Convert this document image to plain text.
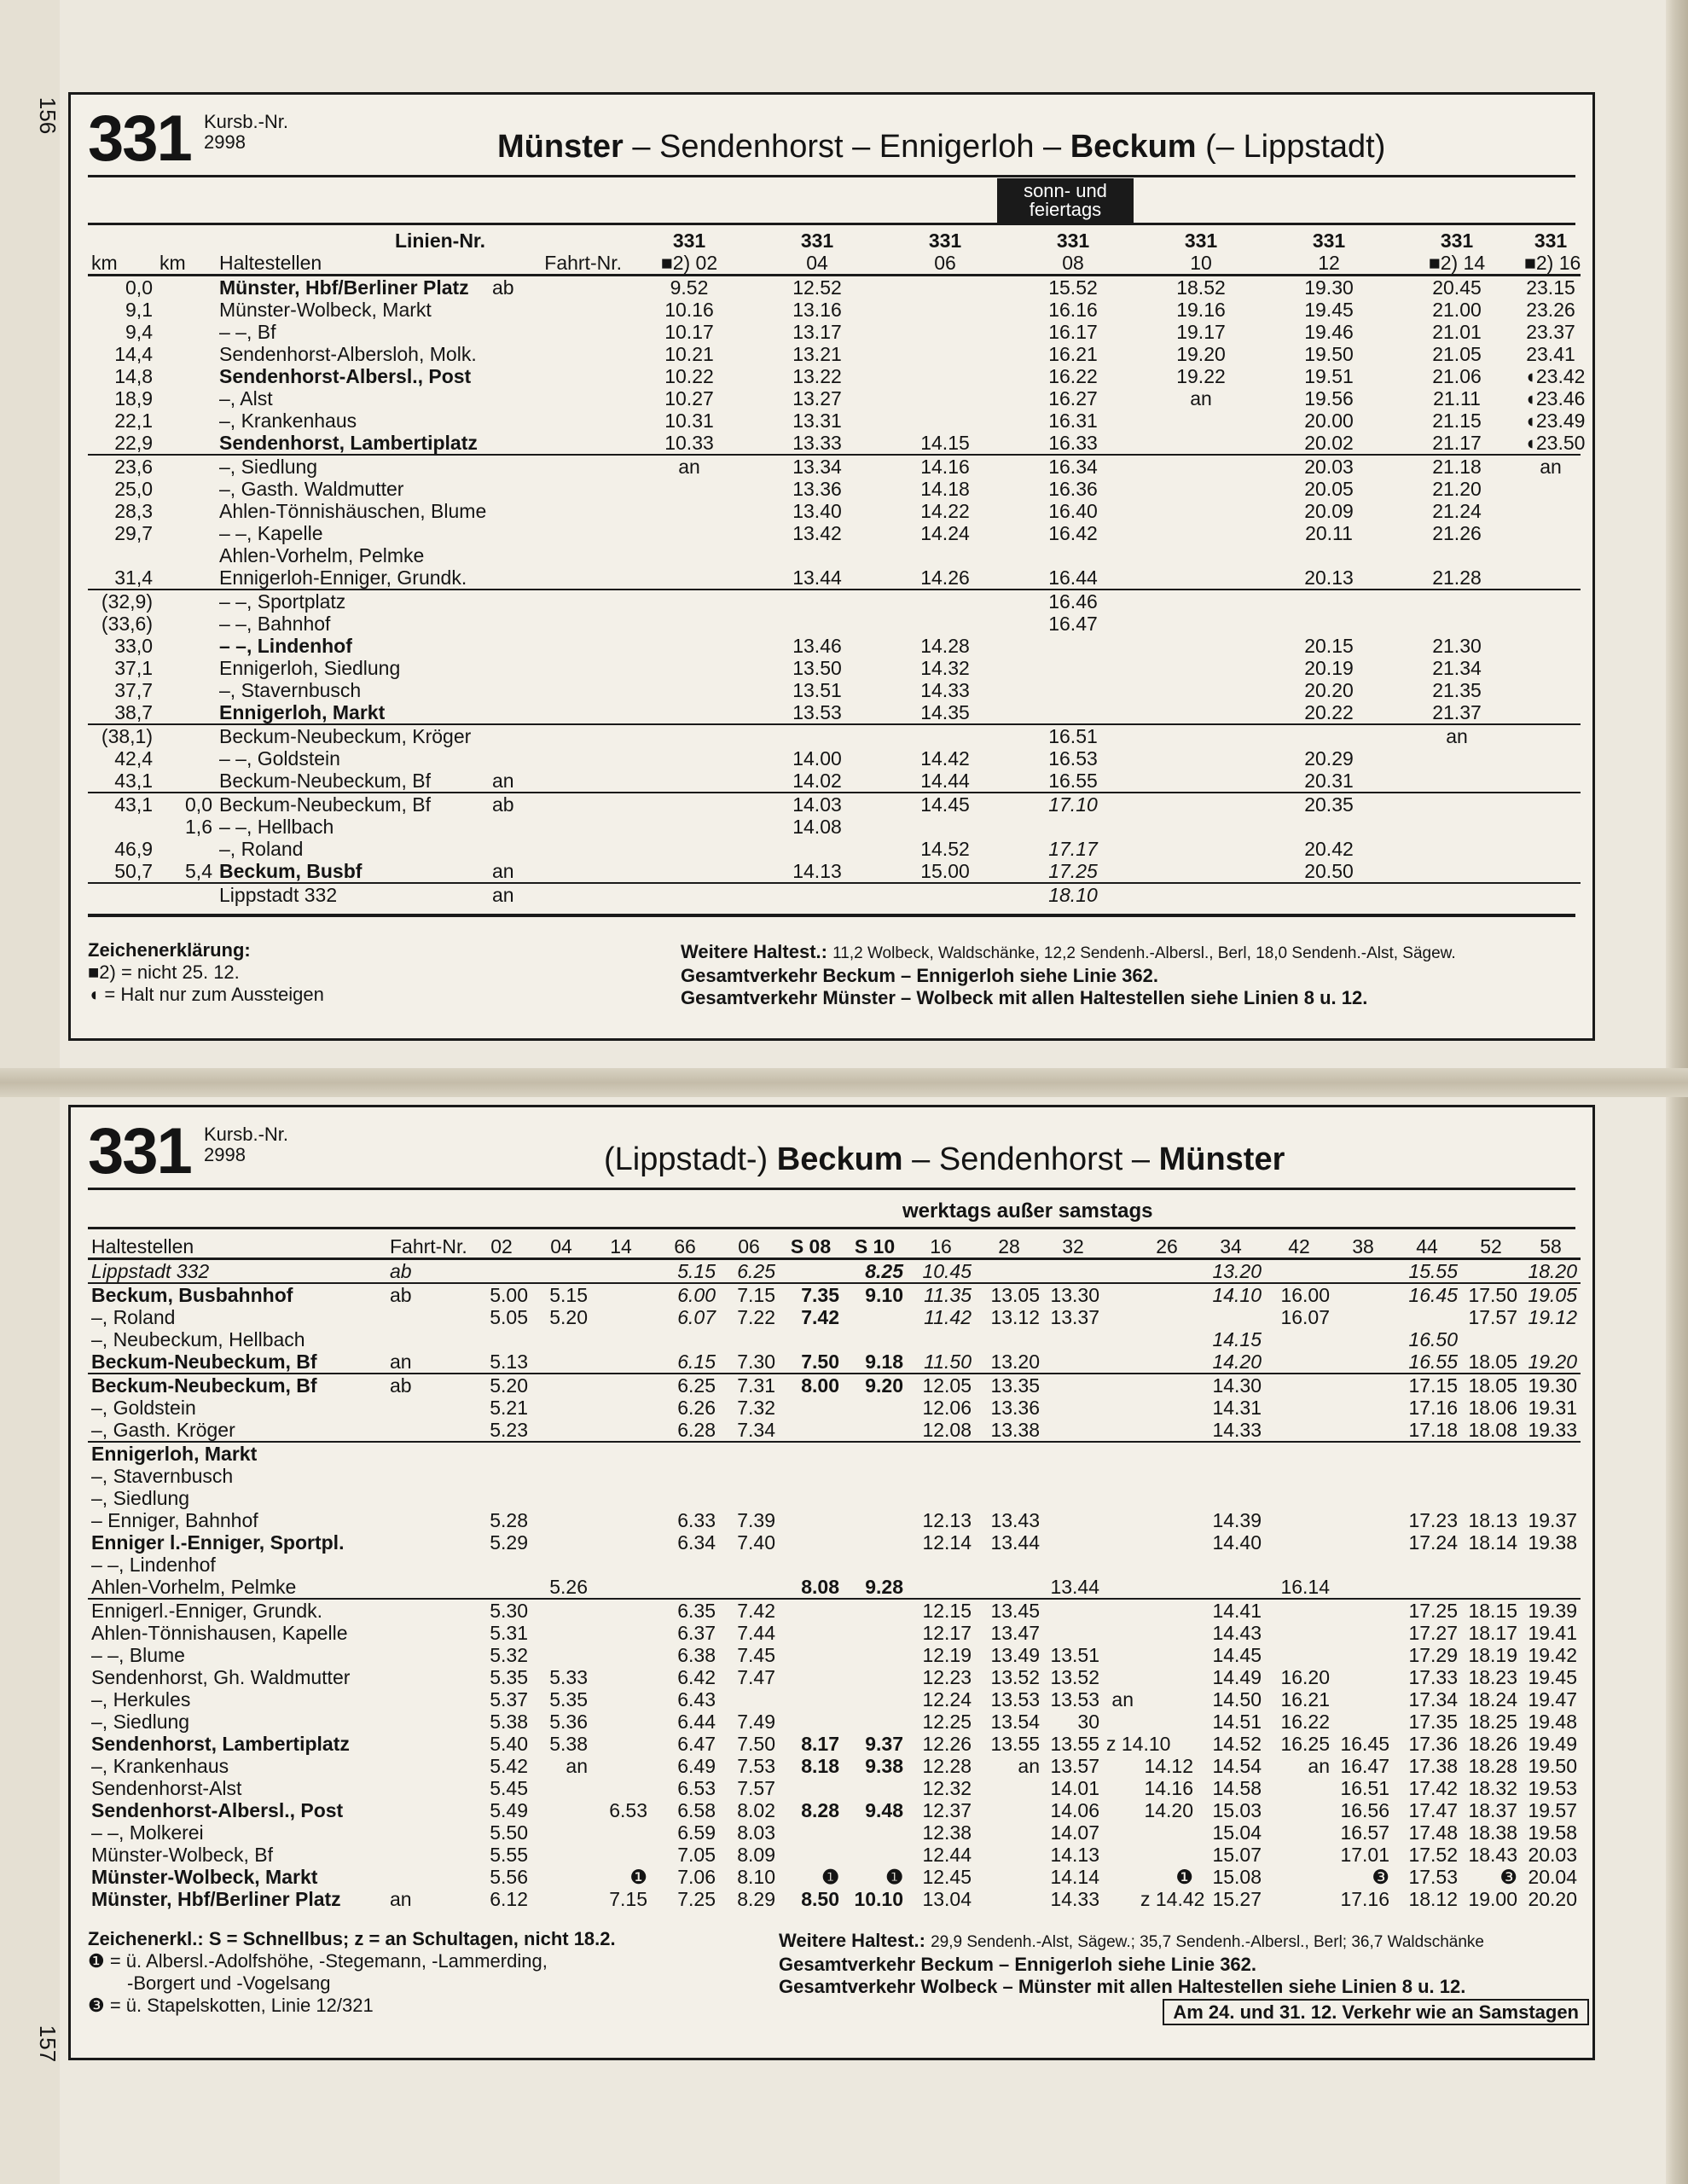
156
157
331 Kursb.-Nr.
2998	Münster – Sendenhorst – Ennigerloh – Beckum (– Lippstadt)
sonn- und feiertags
		Linien-Nr.		331	331	331	331	331	331	331	331
km	km	Haltestellen	Fahrt-Nr.	■2) 02	04	06	08	10	12	■2) 14	■2) 16
0,0		Münster, Hbf/Berliner Platz	ab	9.52	12.52		15.52	18.52	19.30	20.45	23.15
9,1		Münster-Wolbeck, Markt		10.16	13.16		16.16	19.16	19.45	21.00	23.26
9,4		– –, Bf		10.17	13.17		16.17	19.17	19.46	21.01	23.37
14,4		Sendenhorst-Albersloh, Molk.		10.21	13.21		16.21	19.20	19.50	21.05	23.41
14,8		Sendenhorst-Albersl., Post		10.22	13.22		16.22	19.22	19.51	21.06	◖23.42
18,9		–, Alst		10.27	13.27		16.27	an	19.56	21.11	◖23.46
22,1		–, Krankenhaus		10.31	13.31		16.31		20.00	21.15	◖23.49
22,9		Sendenhorst, Lambertiplatz		10.33	13.33	14.15	16.33		20.02	21.17	◖23.50
23,6		–, Siedlung		an	13.34	14.16	16.34		20.03	21.18	an
25,0		–, Gasth. Waldmutter			13.36	14.18	16.36		20.05	21.20	
28,3		Ahlen-Tönnishäuschen, Blume			13.40	14.22	16.40		20.09	21.24	
29,7		– –, Kapelle			13.42	14.24	16.42		20.11	21.26	
		Ahlen-Vorhelm, Pelmke									
31,4		Ennigerloh-Enniger, Grundk.			13.44	14.26	16.44		20.13	21.28	
(32,9)		– –, Sportplatz					16.46				
(33,6)		– –, Bahnhof					16.47				
33,0		– –, Lindenhof			13.46	14.28			20.15	21.30	
37,1		Ennigerloh, Siedlung			13.50	14.32			20.19	21.34	
37,7		–, Stavernbusch			13.51	14.33			20.20	21.35	
38,7		Ennigerloh, Markt			13.53	14.35			20.22	21.37	
(38,1)		Beckum-Neubeckum, Kröger					16.51			an	
42,4		– –, Goldstein			14.00	14.42	16.53		20.29		
43,1		Beckum-Neubeckum, Bf	an		14.02	14.44	16.55		20.31		
43,1	0,0	Beckum-Neubeckum, Bf	ab		14.03	14.45	17.10		20.35		
	1,6	– –, Hellbach			14.08						
46,9		–, Roland				14.52	17.17		20.42		
50,7	5,4	Beckum, Busbf	an		14.13	15.00	17.25		20.50		
		Lippstadt 332	an				18.10				
Zeichenerklärung:
■2) = nicht 25. 12.
◖ = Halt nur zum Aussteigen
Weitere Haltest.: 11,2 Wolbeck, Waldschänke, 12,2 Sendenh.-Albersl., Berl, 18,0 Sendenh.-Alst, Sägew.
Gesamtverkehr Beckum – Ennigerloh siehe Linie 362.
Gesamtverkehr Münster – Wolbeck mit allen Haltestellen siehe Linien 8 u. 12.
331 Kursb.-Nr.
2998	(Lippstadt-) Beckum – Sendenhorst – Münster
werktags außer samstags
Haltestellen	Fahrt-Nr.		02	04	14	66	06	S 08	S 10	16	28	32		26	34	42	38	44	52	58
Lippstadt 332	ab					5.15	6.25		8.25	10.45					13.20			15.55		18.20
Beckum, Busbahnhof	ab		5.00	5.15		6.00	7.15	7.35	9.10	11.35	13.05	13.30			14.10	16.00		16.45	17.50	19.05
–, Roland			5.05	5.20		6.07	7.22	7.42		11.42	13.12	13.37				16.07			17.57	19.12
–, Neubeckum, Hellbach															14.15			16.50		
Beckum-Neubeckum, Bf	an		5.13			6.15	7.30	7.50	9.18	11.50	13.20				14.20			16.55	18.05	19.20
Beckum-Neubeckum, Bf	ab		5.20			6.25	7.31	8.00	9.20	12.05	13.35				14.30			17.15	18.05	19.30
–, Goldstein			5.21			6.26	7.32			12.06	13.36				14.31			17.16	18.06	19.31
–, Gasth. Kröger			5.23			6.28	7.34			12.08	13.38				14.33			17.18	18.08	19.33
Ennigerloh, Markt																				
–, Stavernbusch																				
–, Siedlung																				
– Enniger, Bahnhof			5.28			6.33	7.39			12.13	13.43				14.39			17.23	18.13	19.37
Enniger l.-Enniger, Sportpl.			5.29			6.34	7.40			12.14	13.44				14.40			17.24	18.14	19.38
– –, Lindenhof																				
Ahlen-Vorhelm, Pelmke				5.26				8.08	9.28			13.44				16.14				
Ennigerl.-Enniger, Grundk.			5.30			6.35	7.42			12.15	13.45				14.41			17.25	18.15	19.39
Ahlen-Tönnishausen, Kapelle			5.31			6.37	7.44			12.17	13.47				14.43			17.27	18.17	19.41
– –, Blume			5.32			6.38	7.45			12.19	13.49	13.51			14.45			17.29	18.19	19.42
Sendenhorst, Gh. Waldmutter			5.35	5.33		6.42	7.47			12.23	13.52	13.52			14.49	16.20		17.33	18.23	19.45
–, Herkules			5.37	5.35		6.43				12.24	13.53	13.53	an		14.50	16.21		17.34	18.24	19.47
–, Siedlung			5.38	5.36		6.44	7.49			12.25	13.54	30			14.51	16.22		17.35	18.25	19.48
Sendenhorst, Lambertiplatz			5.40	5.38		6.47	7.50	8.17	9.37	12.26	13.55	13.55	z 14.10		14.52	16.25	16.45	17.36	18.26	19.49
–, Krankenhaus			5.42	an		6.49	7.53	8.18	9.38	12.28	an	13.57		14.12	14.54	an	16.47	17.38	18.28	19.50
Sendenhorst-Alst			5.45			6.53	7.57			12.32		14.01		14.16	14.58		16.51	17.42	18.32	19.53
Sendenhorst-Albersl., Post			5.49		6.53	6.58	8.02	8.28	9.48	12.37		14.06		14.20	15.03		16.56	17.47	18.37	19.57
– –, Molkerei			5.50			6.59	8.03			12.38		14.07			15.04		16.57	17.48	18.38	19.58
Münster-Wolbeck, Bf			5.55			7.05	8.09			12.44		14.13			15.07		17.01	17.52	18.43	20.03
Münster-Wolbeck, Markt			5.56		❶	7.06	8.10	❶	❶	12.45		14.14		❶	15.08		❸	17.53	❸	20.04
Münster, Hbf/Berliner Platz	an		6.12		7.15	7.25	8.29	8.50	10.10	13.04		14.33		z 14.42	15.27		17.16	18.12	19.00	20.20
Zeichenerkl.: S = Schnellbus; z = an Schultagen, nicht 18.2.
❶ = ü. Albersl.-Adolfshöhe, -Stegemann, -Lammerding,
-Borgert und -Vogelsang
❸ = ü. Stapelskotten, Linie 12/321
Weitere Haltest.: 29,9 Sendenh.-Alst, Sägew.; 35,7 Sendenh.-Albersl., Berl; 36,7 Waldschänke
Gesamtverkehr Beckum – Ennigerloh siehe Linie 362.
Gesamtverkehr Wolbeck – Münster mit allen Haltestellen siehe Linien 8 u. 12.
Am 24. und 31. 12. Verkehr wie an Samstagen
